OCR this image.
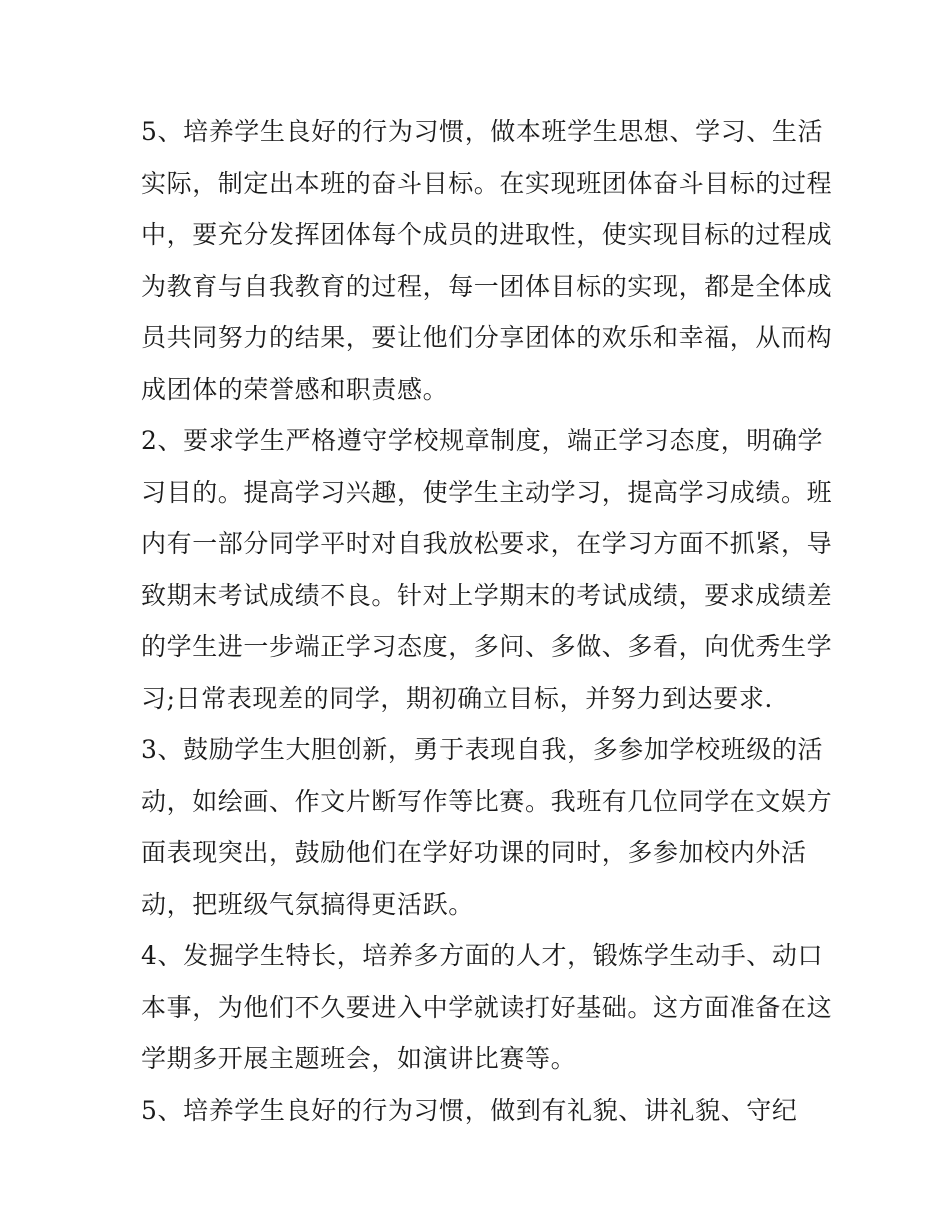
5、培养学生良好的行为习惯，做本班学生思想、学习、生活
实际，制定出本班的奋斗目标。在实现班团体奋斗目标的过程
中，要充分发挥团体每个成员的进取性，使实现目标的过程成
为教育与自我教育的过程，每一团体目标的实现，都是全体成
员共同努力的结果，要让他们分享团体的欢乐和幸福，从而构
成团体的荣誉感和职责感。
2、要求学生严格遵守学校规章制度，端正学习态度，明确学
习目的。提高学习兴趣，使学生主动学习，提高学习成绩。班
内有一部分同学平时对自我放松要求，在学习方面不抓紧，导
致期末考试成绩不良。针对上学期末的考试成绩，要求成绩差
的学生进一步端正学习态度，多问、多做、多看，向优秀生学
习;日常表现差的同学，期初确立目标，并努力到达要求.
3、鼓励学生大胆创新，勇于表现自我，多参加学校班级的活
动，如绘画、作文片断写作等比赛。我班有几位同学在文娱方
面表现突出，鼓励他们在学好功课的同时，多参加校内外活
动，把班级气氛搞得更活跃。
4、发掘学生特长，培养多方面的人才，锻炼学生动手、动口
本事，为他们不久要进入中学就读打好基础。这方面准备在这
学期多开展主题班会，如演讲比赛等。
5、培养学生良好的行为习惯，做到有礼貌、讲礼貌、守纪
